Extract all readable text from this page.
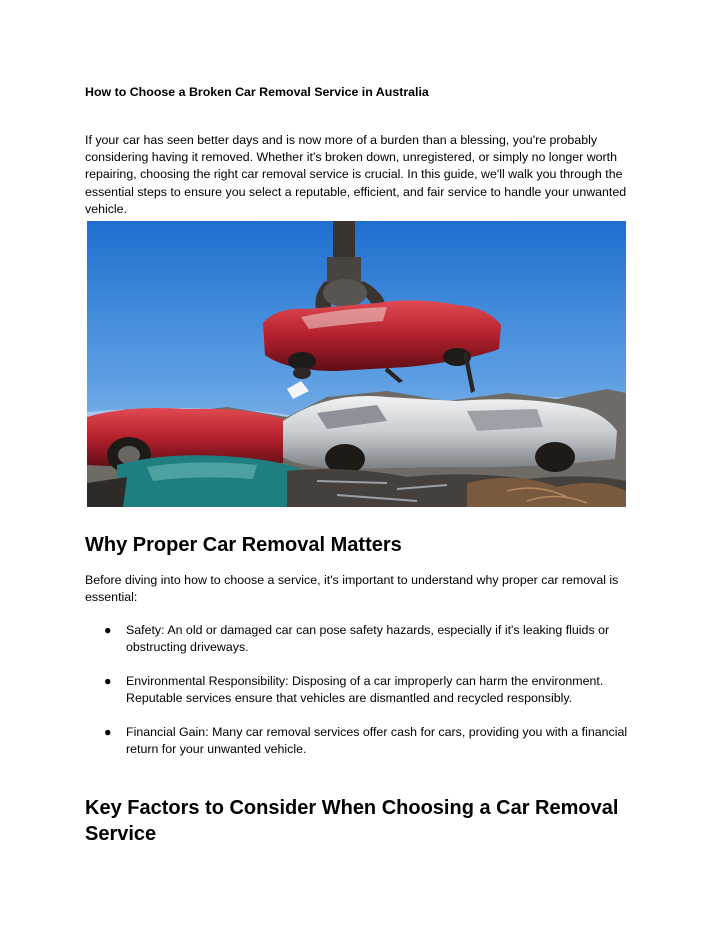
How to Choose a Broken Car Removal Service in Australia

If your car has seen better days and is now more of a burden than a blessing, you're probably considering having it removed. Whether it's broken down, unregistered, or simply no longer worth repairing, choosing the right car removal service is crucial. In this guide, we'll walk you through the essential steps to ensure you select a reputable, efficient, and fair service to handle your unwanted vehicle.

Why Proper Car Removal Matters

Before diving into how to choose a service, it's important to understand why proper car removal is essential:

● Safety: An old or damaged car can pose safety hazards, especially if it's leaking fluids or obstructing driveways.
● Environmental Responsibility: Disposing of a car improperly can harm the environment. Reputable services ensure that vehicles are dismantled and recycled responsibly.
● Financial Gain: Many car removal services offer cash for cars, providing you with a financial return for your unwanted vehicle.
Key Factors to Consider When Choosing a Car Removal Service
